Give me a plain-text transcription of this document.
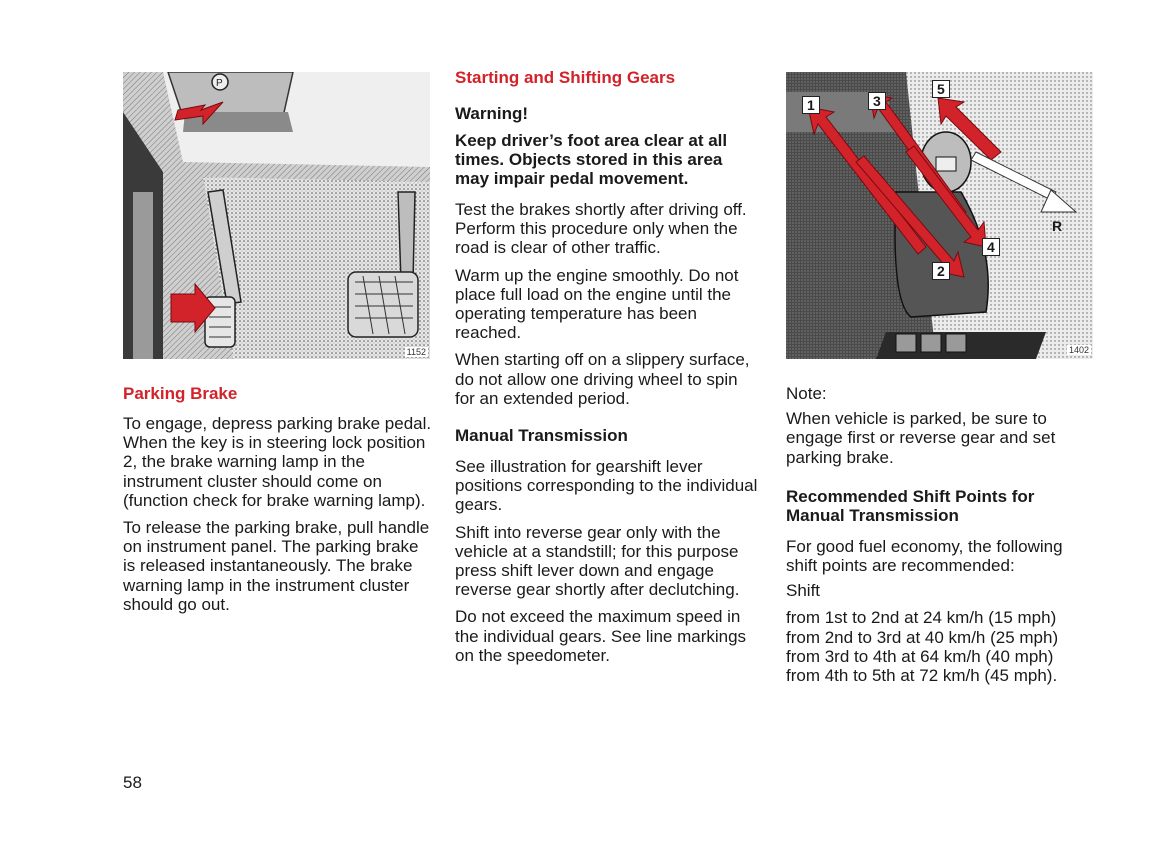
P
1152
1	3
5
2
4
R
1402
Parking Brake

To engage, depress parking brake pedal. When the key is in steering lock position 2, the brake warning lamp in the instrument cluster should come on (function check for brake warning lamp).

To release the parking brake, pull handle on instrument panel. The parking brake is released instantaneously. The brake warning lamp in the instrument cluster should go out.

Starting and Shifting Gears
Warning!
Keep driver’s foot area clear at all times. Objects stored in this area may impair pedal movement.

Test the brakes shortly after driving off. Perform this procedure only when the road is clear of other traffic.

Warm up the engine smoothly. Do not place full load on the engine until the operating temperature has been reached.

When starting off on a slippery surface, do not allow one driving wheel to spin for an extended period.

Manual Transmission

See illustration for gearshift lever positions corresponding to the individual gears.

Shift into reverse gear only with the vehicle at a standstill; for this purpose press shift lever down and engage reverse gear shortly after declutching.

Do not exceed the maximum speed in the individual gears. See line markings on the speedometer.

Note:

When vehicle is parked, be sure to engage first or reverse gear and set parking brake.

Recommended Shift Points for Manual Transmission

For good fuel economy, the following shift points are recommended:

Shift

from 1st to 2nd at 24 km/h (15 mph)

from 2nd to 3rd at 40 km/h (25 mph)

from 3rd to 4th at 64 km/h (40 mph)

from 4th to 5th at 72 km/h (45 mph).

58
